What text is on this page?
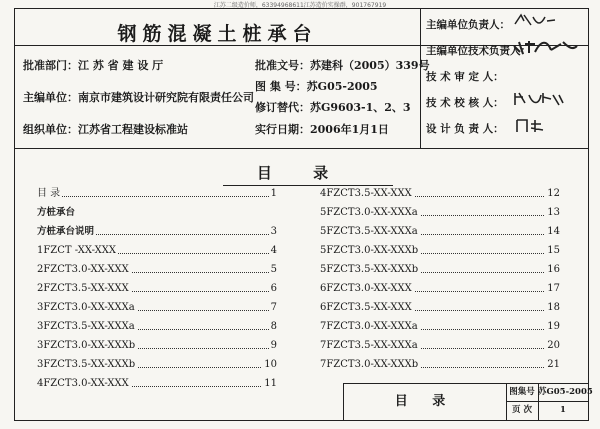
江苏二级造价师，63394968611江苏造价实操群，901767919
钢筋混凝土桩承台
批准部门：江 苏 省 建 设 厅
主编单位：南京市建筑设计研究院有限责任公司
组织单位：江苏省工程建设标准站
批准文号：苏建科（2005）339号
图 集 号：苏G05-2005
修订替代：苏G9603-1、2、3
实行日期：2006年1月1日
主编单位负责人：
主编单位技术负责人：
技 术 审 定 人：
技 术 校 核 人：
设 计 负 责 人：
目 录
目 录	1
方桩承台
方桩承台说明	3
1FZCT -XX-XXX	4
2FZCT3.0-XX-XXX	5
2FZCT3.5-XX-XXX	6
3FZCT3.0-XX-XXXa	7
3FZCT3.5-XX-XXXa	8
3FZCT3.0-XX-XXXb	9
3FZCT3.5-XX-XXXb	10
4FZCT3.0-XX-XXX	11
4FZCT3.5-XX-XXX	12
5FZCT3.0-XX-XXXa	13
5FZCT3.5-XX-XXXa	14
5FZCT3.0-XX-XXXb	15
5FZCT3.5-XX-XXXb	16
6FZCT3.0-XX-XXX	17
6FZCT3.5-XX-XXX	18
7FZCT3.0-XX-XXXa	19
7FZCT3.5-XX-XXXa	20
7FZCT3.0-XX-XXXb	21
目 录
图集号 苏G05-2005
页 次	1
